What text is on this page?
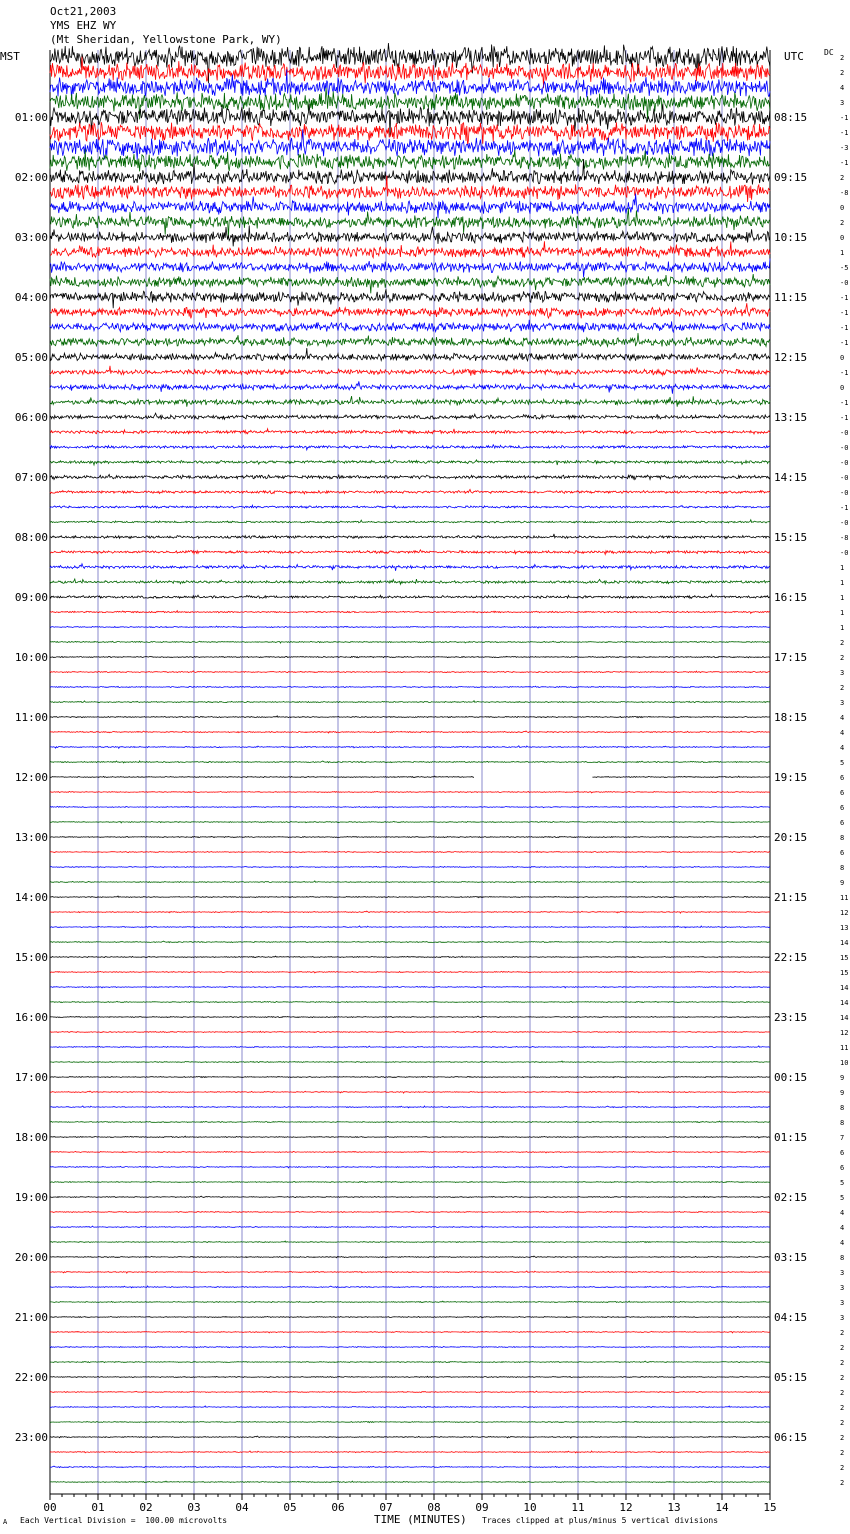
Oct21,2003
YMS EHZ WY
(Mt Sheridan, Yellowstone Park, WY)
MST	UTC	DC
2
2
4
3
-1
-1
-3
-1
2
-8
0
2
0
1
-5
-0
-1
-1
-1
-1
0
-1
0
-1
-1
-0
-0
-0
-0
-0
-1
-0
-8
-0
1
1
1
1
1
2
2
3
2
3
4
4
4
5
6
6
6
6
8
6
8
9
11
12
13
14
15
15
14
14
14
12
11
10
9
9
8
8
7
6
6
5
5
4
4
4
8
3
3
3
3
2
2
2
2
2
2
2
2
2
2
2
01:00
02:00
03:00
04:00
05:00
06:00
07:00
08:00
09:00
10:00
11:00
12:00
13:00
14:00
15:00
16:00
17:00
18:00
19:00
20:00
21:00
22:00
23:00
08:15
09:15
10:15
11:15
12:15
13:15
14:15
15:15
16:15
17:15
18:15
19:15
20:15
21:15
22:15
23:15
00:15
01:15
02:15
03:15
04:15
05:15
06:15
00	01	02	03	04	05	06	07	08	09	10	11	12	13	14	15
A Each Vertical Division =  100.00 microvolts	TIME (MINUTES) Traces clipped at plus/minus 5 vertical divisions
